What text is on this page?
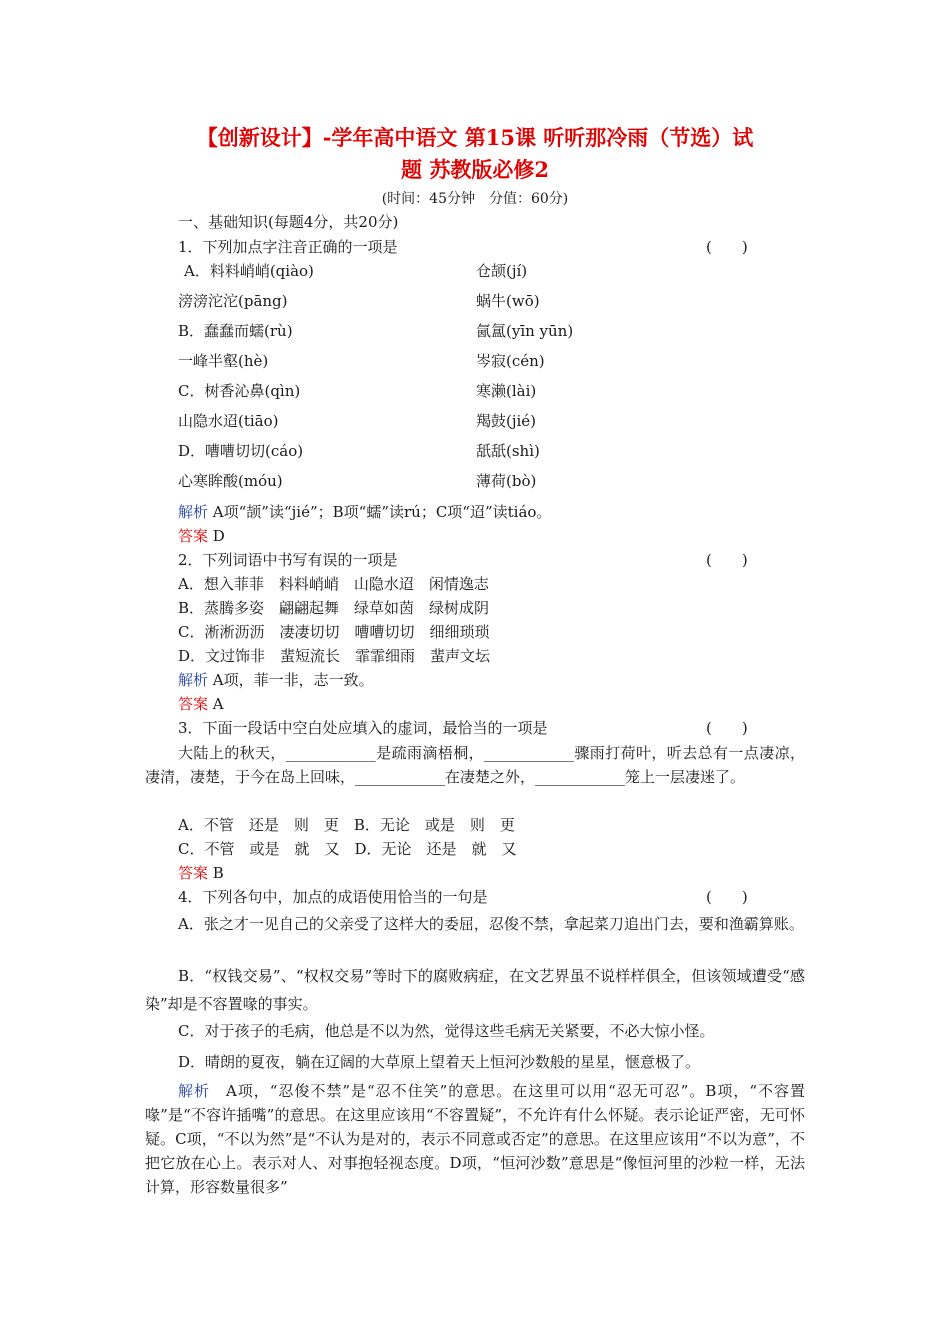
【创新设计】-学年高中语文 第15课 听听那冷雨（节选）试
题 苏教版必修2
(时间：45分钟　分值：60分)
一、基础知识(每题4分，共20分)
1．下列加点字注音正确的一项是	(　　)
A．料料峭峭(qiào)	仓颉(jí)
滂滂沱沱(pāng)	蜗牛(wō)
B．蠢蠢而蠕(rù)	氤氲(yīn yūn)
一峰半壑(hè)	岑寂(cén)
C．树香沁鼻(qìn)	寒濑(lài)
山隐水迢(tiāo)	羯鼓(jié)
D．嘈嘈切切(cáo)	舐舐(shì)
心寒眸酸(móu)	薄荷(bò)
解析 A项“颉”读“jié”；B项“蠕”读rú；C项“迢”读tiáo。
答案 D
2．下列词语中书写有误的一项是	(　　)
A．想入菲菲　料料峭峭　山隐水迢　闲情逸志
B．蒸腾多姿　翩翩起舞　绿草如茵　绿树成阴
C．淅淅沥沥　凄凄切切　嘈嘈切切　细细琐琐
D．文过饰非　蜚短流长　霏霏细雨　蜚声文坛
解析 A项，菲一非，志一致。
答案 A
3．下面一段话中空白处应填入的虚词，最恰当的一项是	(　　)
大陆上的秋天，____________是疏雨滴梧桐，____________骤雨打荷叶，听去总有一点凄凉，凄清，凄楚，于今在岛上回味，____________在凄楚之外，____________笼上一层凄迷了。
A．不管　还是　则　更　B．无论　或是　则　更
C．不管　或是　就　又　D．无论　还是　就　又
答案 B
4．下列各句中，加点的成语使用恰当的一句是	(　　)
A．张之才一见自己的父亲受了这样大的委屈，忍俊不禁，拿起菜刀追出门去，要和渔霸算账。
B．“权钱交易”、“权权交易”等时下的腐败病症，在文艺界虽不说样样俱全，但该领域遭受“感染”却是不容置喙的事实。
C．对于孩子的毛病，他总是不以为然，觉得这些毛病无关紧要，不必大惊小怪。
D．晴朗的夏夜，躺在辽阔的大草原上望着天上恒河沙数般的星星，惬意极了。
解析　 A项，“忍俊不禁”是“忍不住笑”的意思。在这里可以用“忍无可忍”。B项，“不容置喙”是“不容许插嘴”的意思。在这里应该用“不容置疑”，不允许有什么怀疑。表示论证严密，无可怀疑。C项，“不以为然”是“不认为是对的，表示不同意或否定”的意思。在这里应该用“不以为意”，不把它放在心上。表示对人、对事抱轻视态度。D项，“恒河沙数”意思是“像恒河里的沙粒一样，无法计算，形容数量很多”
